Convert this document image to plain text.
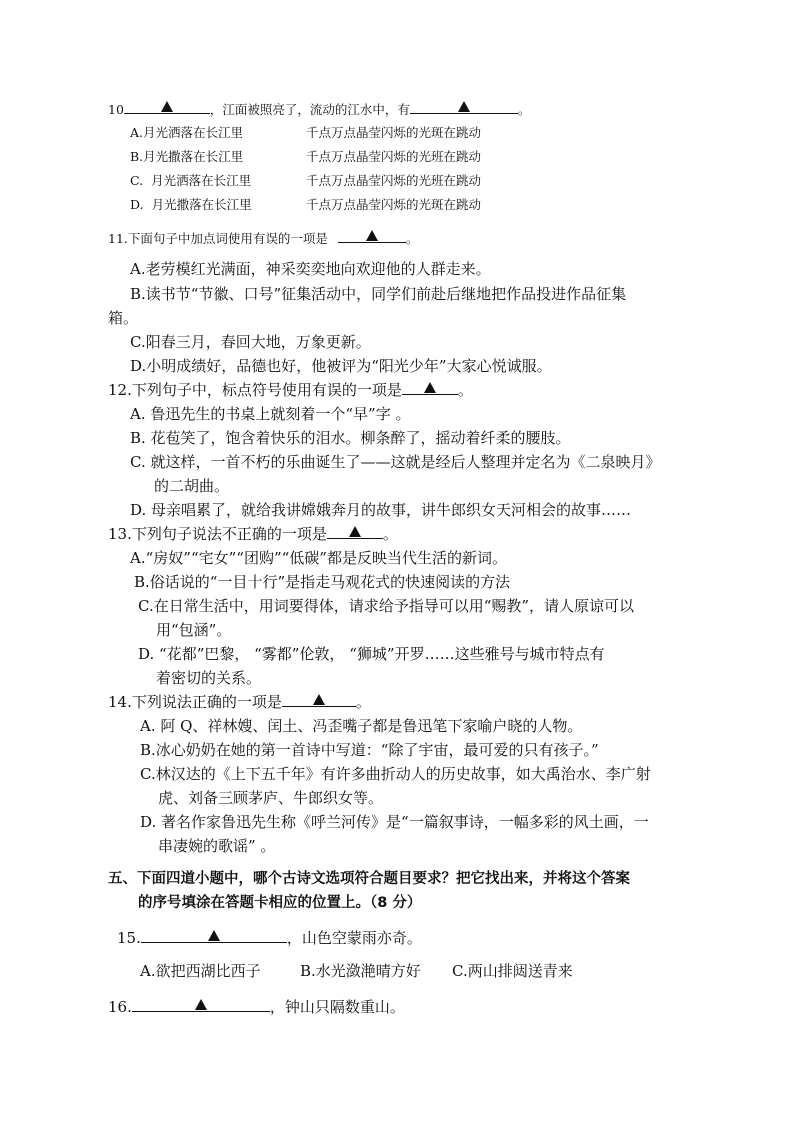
10	，江面被照亮了，流动的江水中，有	。
A.月光洒落在长江里	千点万点晶莹闪烁的光斑在跳动
B.月光撒落在长江里	千点万点晶莹闪烁的光班在跳动
C. 月光洒落在长江里	千点万点晶莹闪烁的光班在跳动
D. 月光撒落在长江里	千点万点晶莹闪烁的光斑在跳动
11.下面句子中加点词使用有误的一项是	。
A.老劳模红光满面，神采奕奕地向欢迎他的人群走来。
B.读书节“节徽、口号”征集活动中，同学们前赴后继地把作品投进作品征集
箱。
C.阳春三月，春回大地，万象更新。
D.小明成绩好，品德也好，他被评为“阳光少年”大家心悦诚服。
12.下列句子中，标点符号使用有误的一项是	。
A. 鲁迅先生的书桌上就刻着一个“早”字 。
B. 花苞笑了，饱含着快乐的泪水。柳条醉了，摇动着纤柔的腰肢。
C. 就这样，一首不朽的乐曲诞生了——这就是经后人整理并定名为《二泉映月》
的二胡曲。
D. 母亲唱累了，就给我讲嫦娥奔月的故事，讲牛郎织女天河相会的故事……
13.下列句子说法不正确的一项是	。
A.“房奴”“宅女”“团购”“低碳”都是反映当代生活的新词。
B.俗话说的“一目十行”是指走马观花式的快速阅读的方法
C.在日常生活中，用词要得体，请求给予指导可以用“赐教”，请人原谅可以
用“包涵”。
D. “花都”巴黎， “雾都”伦敦， “狮城”开罗……这些雅号与城市特点有
着密切的关系。
14.下列说法正确的一项是	。
A. 阿 Q、祥林嫂、闰土、冯歪嘴子都是鲁迅笔下家喻户晓的人物。
B.冰心奶奶在她的第一首诗中写道：“除了宇宙，最可爱的只有孩子。”
C.林汉达的《上下五千年》有许多曲折动人的历史故事，如大禹治水、李广射
虎、刘备三顾茅庐、牛郎织女等。
D. 著名作家鲁迅先生称《呼兰河传》是“一篇叙事诗，一幅多彩的风土画，一
串凄婉的歌谣” 。
五、下面四道小题中，哪个古诗文选项符合题目要求？把它找出来，并将这个答案
的序号填涂在答题卡相应的位置上。（8 分）
15.	，山色空蒙雨亦奇。
A.欲把西湖比西子	B.水光潋滟晴方好 C.两山排闼送青来
16.	，钟山只隔数重山。
